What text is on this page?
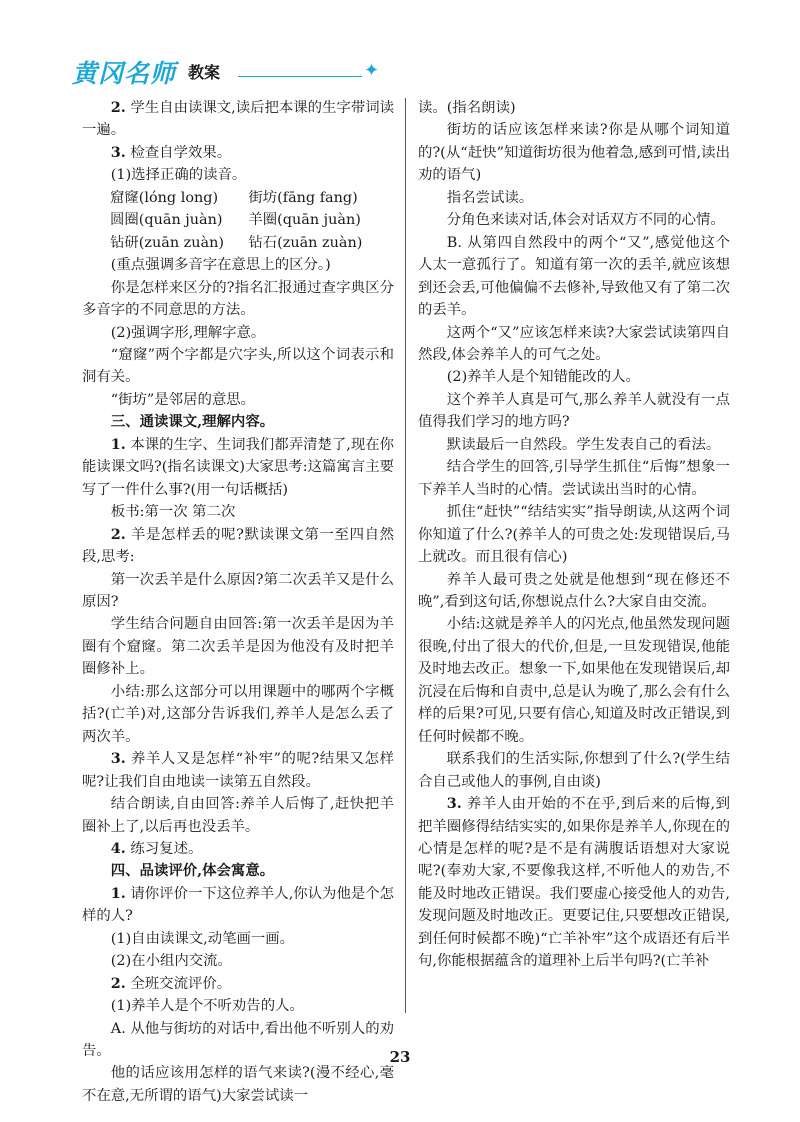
黄冈名师 教案	✦

2. 学生自由读课文,读后把本课的生字带词读一遍。

3. 检查自学效果。

(1)选择正确的读音。

窟窿(lóng long)	街坊(fāng fang)
圆圈(quān juàn)	羊圈(quān juàn)
钻研(zuān zuàn)	钻石(zuān zuàn)

(重点强调多音字在意思上的区分。)

你是怎样来区分的?指名汇报通过查字典区分多音字的不同意思的方法。

(2)强调字形,理解字意。

“窟窿”两个字都是穴字头,所以这个词表示和洞有关。

“街坊”是邻居的意思。

三、通读课文,理解内容。

1. 本课的生字、生词我们都弄清楚了,现在你能读课文吗?(指名读课文)大家思考:这篇寓言主要写了一件什么事?(用一句话概括)

板书:第一次 第二次

2. 羊是怎样丢的呢?默读课文第一至四自然段,思考:

第一次丢羊是什么原因?第二次丢羊又是什么原因?

学生结合问题自由回答:第一次丢羊是因为羊圈有个窟窿。第二次丢羊是因为他没有及时把羊圈修补上。

小结:那么这部分可以用课题中的哪两个字概括?(亡羊)对,这部分告诉我们,养羊人是怎么丢了两次羊。

3. 养羊人又是怎样“补牢”的呢?结果又怎样呢?让我们自由地读一读第五自然段。

结合朗读,自由回答:养羊人后悔了,赶快把羊圈补上了,以后再也没丢羊。

4. 练习复述。

四、品读评价,体会寓意。

1. 请你评价一下这位养羊人,你认为他是个怎样的人?

(1)自由读课文,动笔画一画。

(2)在小组内交流。

2. 全班交流评价。

(1)养羊人是个不听劝告的人。

A. 从他与街坊的对话中,看出他不听别人的劝告。

他的话应该用怎样的语气来读?(漫不经心,毫不在意,无所谓的语气)大家尝试读一

读。(指名朗读)

街坊的话应该怎样来读?你是从哪个词知道的?(从“赶快”知道街坊很为他着急,感到可惜,读出劝的语气)

指名尝试读。

分角色来读对话,体会对话双方不同的心情。

B. 从第四自然段中的两个“又”,感觉他这个人太一意孤行了。知道有第一次的丢羊,就应该想到还会丢,可他偏偏不去修补,导致他又有了第二次的丢羊。

这两个“又”应该怎样来读?大家尝试读第四自然段,体会养羊人的可气之处。

(2)养羊人是个知错能改的人。

这个养羊人真是可气,那么养羊人就没有一点值得我们学习的地方吗?

默读最后一自然段。学生发表自己的看法。

结合学生的回答,引导学生抓住“后悔”想象一下养羊人当时的心情。尝试读出当时的心情。

抓住“赶快”“结结实实”指导朗读,从这两个词你知道了什么?(养羊人的可贵之处:发现错误后,马上就改。而且很有信心)

养羊人最可贵之处就是他想到“现在修还不晚”,看到这句话,你想说点什么?大家自由交流。

小结:这就是养羊人的闪光点,他虽然发现问题很晚,付出了很大的代价,但是,一旦发现错误,他能及时地去改正。想象一下,如果他在发现错误后,却沉浸在后悔和自责中,总是认为晚了,那么会有什么样的后果?可见,只要有信心,知道及时改正错误,到任何时候都不晚。

联系我们的生活实际,你想到了什么?(学生结合自己或他人的事例,自由谈)

3. 养羊人由开始的不在乎,到后来的后悔,到把羊圈修得结结实实的,如果你是养羊人,你现在的心情是怎样的呢?是不是有满腹话语想对大家说呢?(奉劝大家,不要像我这样,不听他人的劝告,不能及时地改正错误。我们要虚心接受他人的劝告,发现问题及时地改正。更要记住,只要想改正错误,到任何时候都不晚)“亡羊补牢”这个成语还有后半句,你能根据蕴含的道理补上后半句吗?(亡羊补

23
